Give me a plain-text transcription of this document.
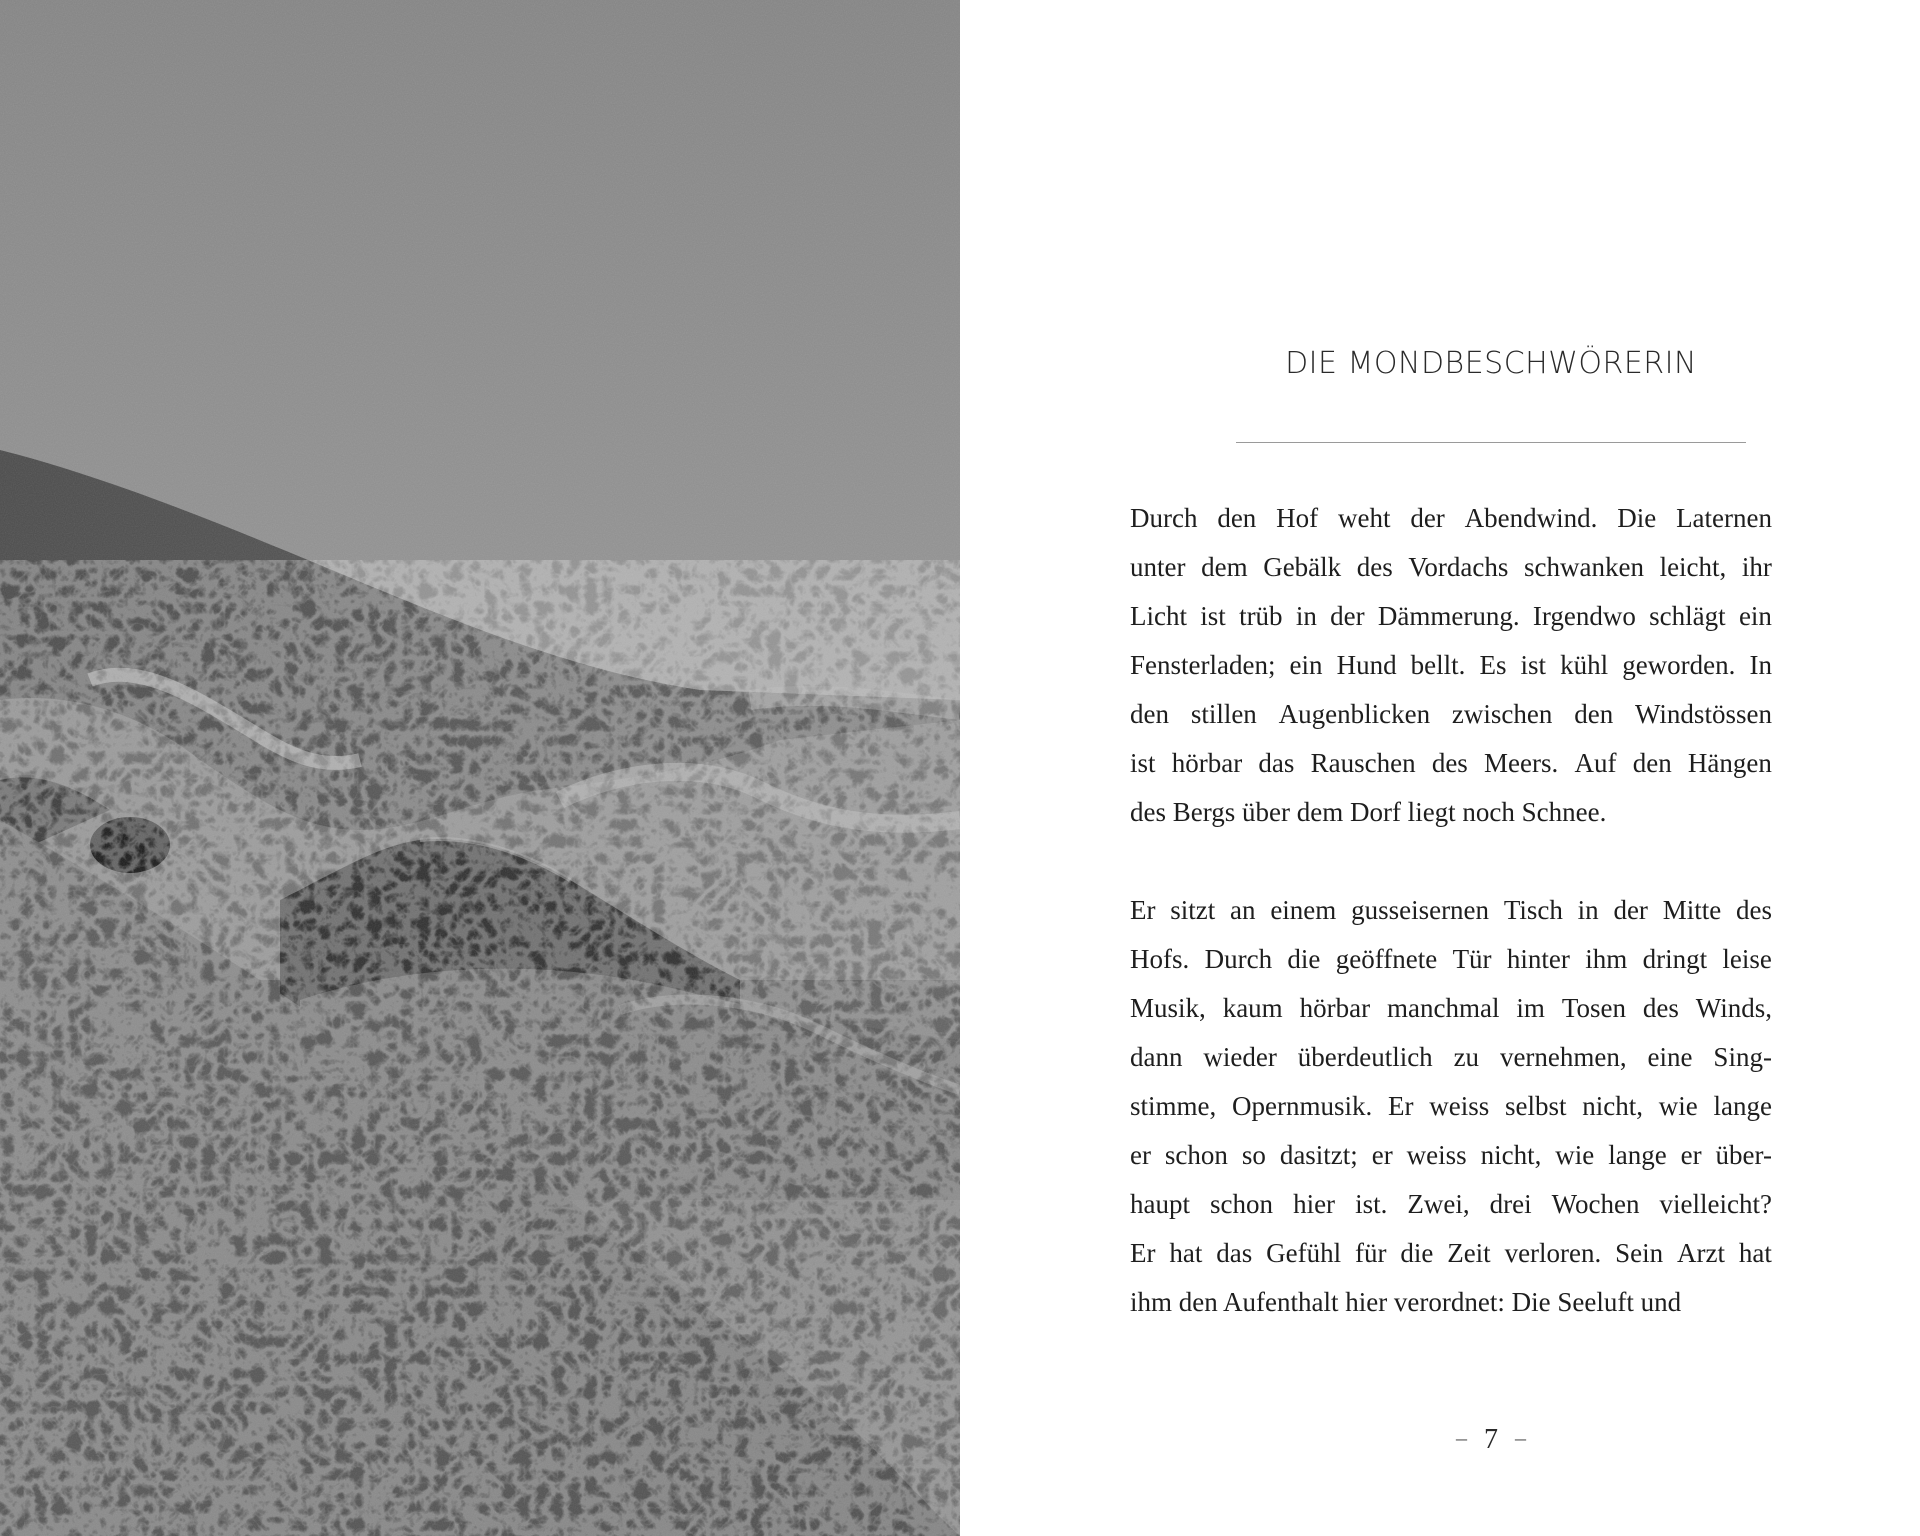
DIE MONDBESCHWÖRERIN
Durch den Hof weht der Abendwind. Die Laternen
unter dem Gebälk des Vordachs schwanken leicht, ihr
Licht ist trüb in der Dämmerung. Irgendwo schlägt ein
Fensterladen; ein Hund bellt. Es ist kühl geworden. In
den stillen Augenblicken zwischen den Windstössen
ist hörbar das Rauschen des Meers. Auf den Hängen
des Bergs über dem Dorf liegt noch Schnee.
Er sitzt an einem gusseisernen Tisch in der Mitte des
Hofs. Durch die geöffnete Tür hinter ihm dringt leise
Musik, kaum hörbar manchmal im Tosen des Winds,
dann wieder überdeutlich zu vernehmen, eine Sing-
stimme, Opernmusik. Er weiss selbst nicht, wie lange
er schon so dasitzt; er weiss nicht, wie lange er über-
haupt schon hier ist. Zwei, drei Wochen vielleicht?
Er hat das Gefühl für die Zeit verloren. Sein Arzt hat
ihm den Aufenthalt hier verordnet: Die Seeluft und
– 7 –
